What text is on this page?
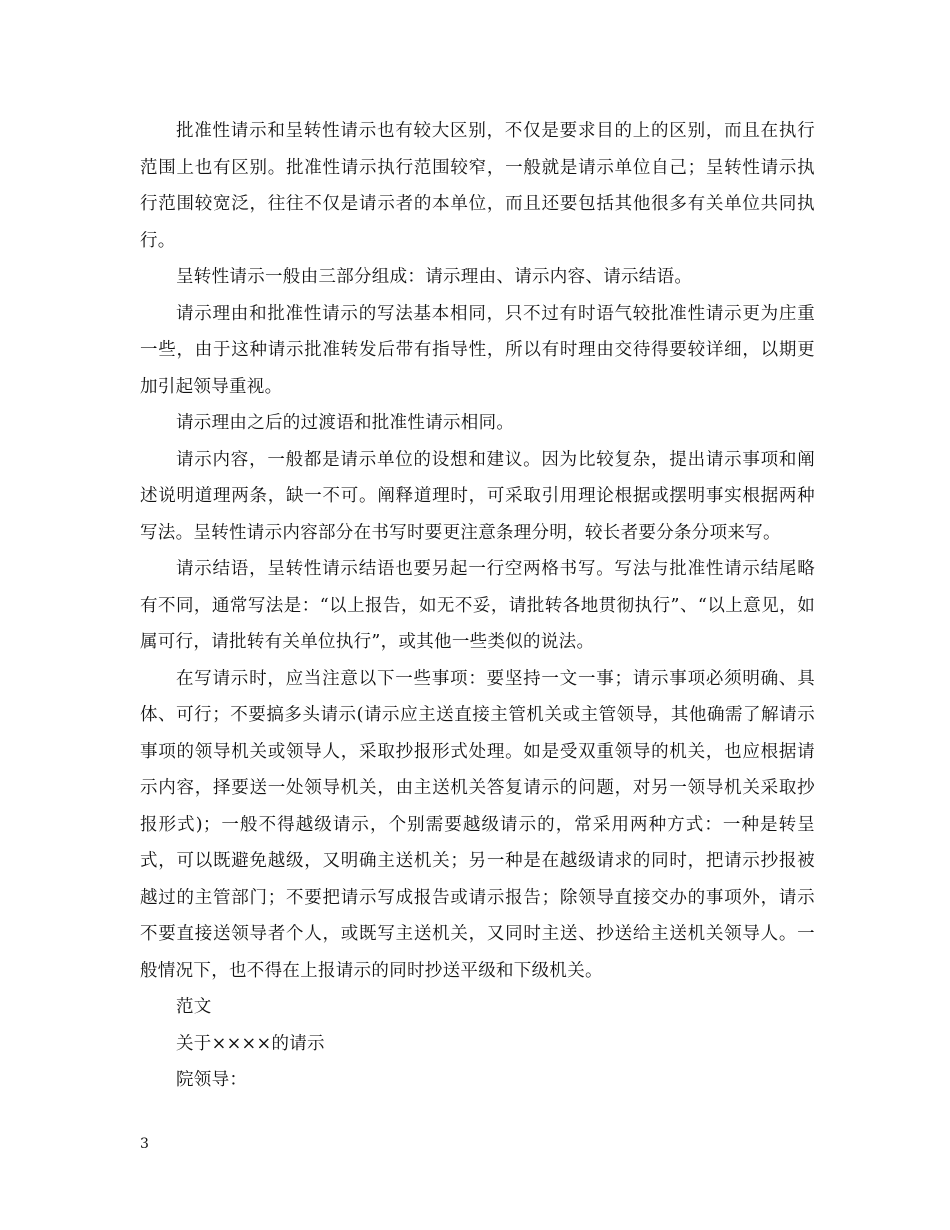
批准性请示和呈转性请示也有较大区别，不仅是要求目的上的区别，而且在执行范围上也有区别。批准性请示执行范围较窄，一般就是请示单位自己；呈转性请示执行范围较宽泛，往往不仅是请示者的本单位，而且还要包括其他很多有关单位共同执行。

呈转性请示一般由三部分组成：请示理由、请示内容、请示结语。

请示理由和批准性请示的写法基本相同，只不过有时语气较批准性请示更为庄重一些，由于这种请示批准转发后带有指导性，所以有时理由交待得要较详细，以期更加引起领导重视。

请示理由之后的过渡语和批准性请示相同。

请示内容，一般都是请示单位的设想和建议。因为比较复杂，提出请示事项和阐述说明道理两条，缺一不可。阐释道理时，可采取引用理论根据或摆明事实根据两种写法。呈转性请示内容部分在书写时要更注意条理分明，较长者要分条分项来写。

请示结语，呈转性请示结语也要另起一行空两格书写。写法与批准性请示结尾略有不同，通常写法是：“以上报告，如无不妥，请批转各地贯彻执行”、“以上意见，如属可行，请批转有关单位执行”，或其他一些类似的说法。

在写请示时，应当注意以下一些事项：要坚持一文一事；请示事项必须明确、具体、可行；不要搞多头请示(请示应主送直接主管机关或主管领导，其他确需了解请示事项的领导机关或领导人，采取抄报形式处理。如是受双重领导的机关，也应根据请示内容，择要送一处领导机关，由主送机关答复请示的问题，对另一领导机关采取抄报形式)；一般不得越级请示，个别需要越级请示的，常采用两种方式：一种是转呈式，可以既避免越级，又明确主送机关；另一种是在越级请求的同时，把请示抄报被越过的主管部门；不要把请示写成报告或请示报告；除领导直接交办的事项外，请示不要直接送领导者个人，或既写主送机关，又同时主送、抄送给主送机关领导人。一般情况下，也不得在上报请示的同时抄送平级和下级机关。

范文

关于××××的请示

院领导：

3
